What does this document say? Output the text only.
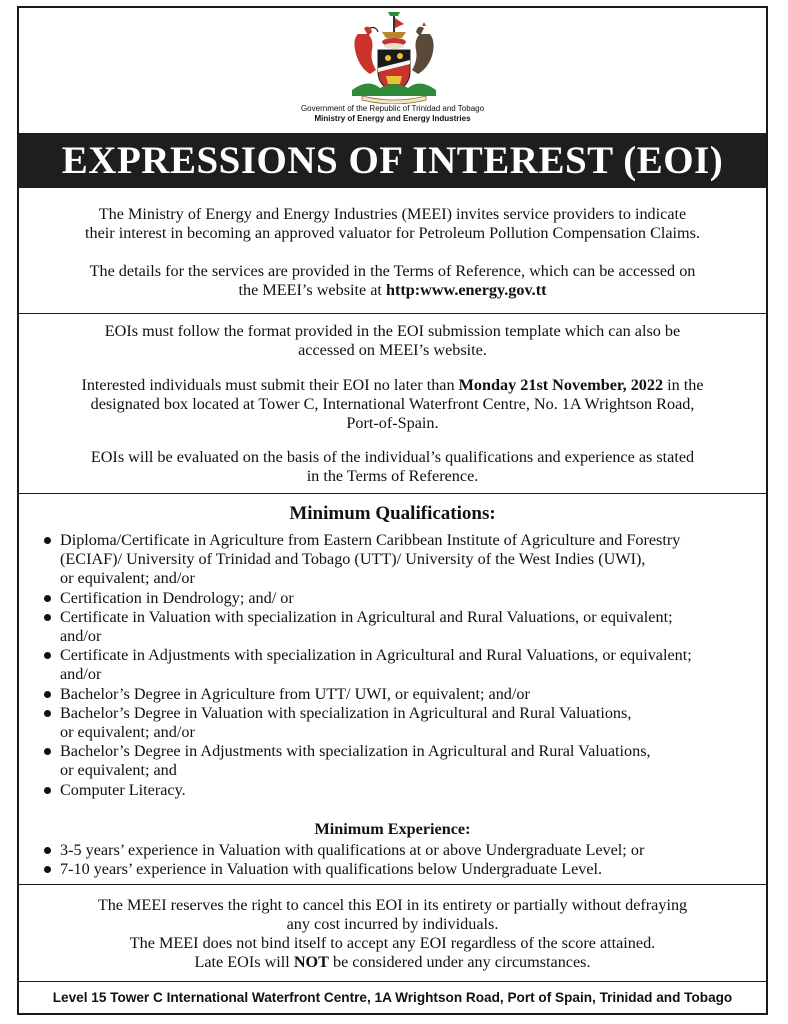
Government of the Republic of Trinidad and Tobago
Ministry of Energy and Energy Industries
EXPRESSIONS OF INTEREST (EOI)
The Ministry of Energy and Energy Industries (MEEI) invites service providers to indicate
their interest in becoming an approved valuator for Petroleum Pollution Compensation Claims.
The details for the services are provided in the Terms of Reference, which can be accessed on
the MEEI’s website at http:www.energy.gov.tt
EOIs must follow the format provided in the EOI submission template which can also be
accessed on MEEI’s website.
Interested individuals must submit their EOI no later than Monday 21st November, 2022 in the
designated box located at Tower C, International Waterfront Centre, No. 1A Wrightson Road,
Port-of-Spain.
EOIs will be evaluated on the basis of the individual’s qualifications and experience as stated
in the Terms of Reference.
Minimum Qualifications:
Diploma/Certificate in Agriculture from Eastern Caribbean Institute of Agriculture and Forestry
(ECIAF)/ University of Trinidad and Tobago (UTT)/ University of the West Indies (UWI),
or equivalent; and/or
Certification in Dendrology; and/ or
Certificate in Valuation with specialization in Agricultural and Rural Valuations, or equivalent;
and/or
Certificate in Adjustments with specialization in Agricultural and Rural Valuations, or equivalent;
and/or
Bachelor’s Degree in Agriculture from UTT/ UWI, or equivalent; and/or
Bachelor’s Degree in Valuation with specialization in Agricultural and Rural Valuations,
or equivalent; and/or
Bachelor’s Degree in Adjustments with specialization in Agricultural and Rural Valuations,
or equivalent; and
Computer Literacy.
Minimum Experience:
3-5 years’ experience in Valuation with qualifications at or above Undergraduate Level; or
7-10 years’ experience in Valuation with qualifications below Undergraduate Level.
The MEEI reserves the right to cancel this EOI in its entirety or partially without defraying
any cost incurred by individuals.
The MEEI does not bind itself to accept any EOI regardless of the score attained.
Late EOIs will NOT be considered under any circumstances.
Level 15 Tower C International Waterfront Centre, 1A Wrightson Road, Port of Spain, Trinidad and Tobago
